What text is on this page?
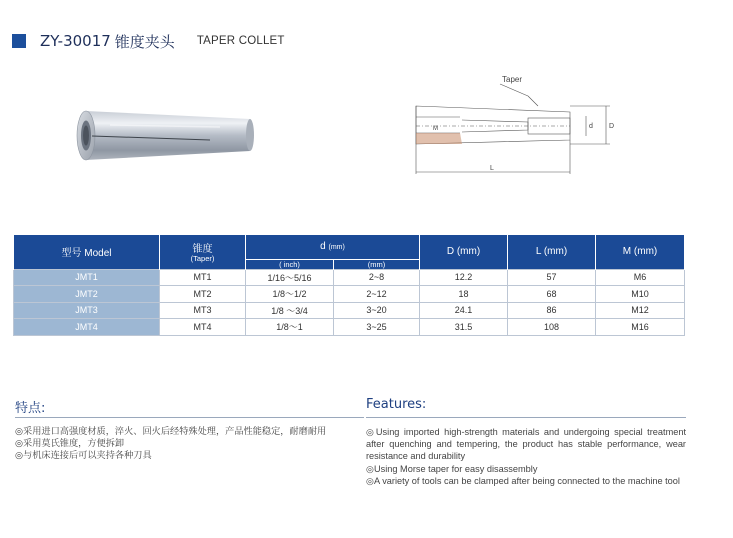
ZY-30017 锥度夹头 TAPER COLLET
Taper
L
d D
M
型号 Model	锥度
(Taper)	d (mm)		D (mm)	L (mm)	M (mm)
		( inch)	(mm)			
JMT1	MT1	1/16～5/16	2~8	12.2	57	M6
JMT2	MT2	1/8～1/2	2~12	18	68	M10
JMT3	MT3	1/8 ～3/4	3~20	24.1	86	M12
JMT4	MT4	1/8～1	3~25	31.5	108	M16
特点:

◎采用进口高强度材质，淬火、回火后经特殊处理，产品性能稳定，耐磨耐用

◎采用莫氏锥度，方便拆卸

◎与机床连接后可以夹持各种刀具

Features:

◎Using imported high-strength materials and undergoing special treatment after quenching and tempering, the product has stable performance, wear resistance and durability

◎Using Morse taper for easy disassembly

◎A variety of tools can be clamped after being connected to the machine tool
